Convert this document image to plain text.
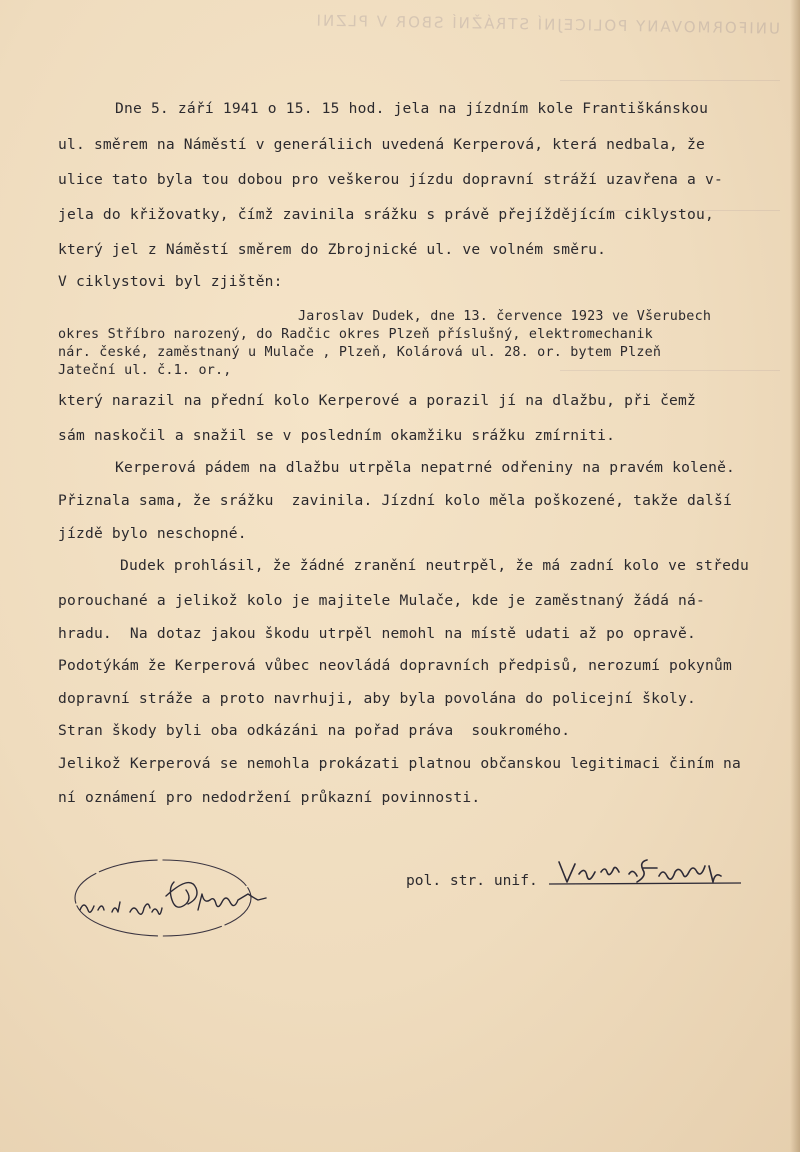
UNIFORMOVANY POLICEJNÍ STRÁŽNÍ SBOR V PLZNI
Dne 5. září 1941 o 15. 15 hod. jela na jízdním kole Františkánskou
ul. směrem na Náměstí v generáliich uvedená Kerperová, která nedbala, že
ulice tato byla tou dobou pro veškerou jízdu dopravní stráží uzavřena a v-
jela do křižovatky, čímž zavinila srážku s právě přejíždějícím ciklystou,
který jel z Náměstí směrem do Zbrojnické ul. ve volném směru.
V ciklystovi byl zjištěn:
Jaroslav Dudek, dne 13. července 1923 ve Všerubech
okres Stříbro narozený, do Radčic okres Plzeň příslušný, elektromechanik
nár. české, zaměstnaný u Mulače , Plzeň, Kolárová ul. 28. or. bytem Plzeň
Jateční ul. č.1. or.,
který narazil na přední kolo Kerperové a porazil jí na dlažbu, při čemž
sám naskočil a snažil se v posledním okamžiku srážku zmírniti.
Kerperová pádem na dlažbu utrpěla nepatrné odřeniny na pravém koleně.
Přiznala sama, že srážku  zavinila. Jízdní kolo měla poškozené, takže další
jízdě bylo neschopné.
Dudek prohlásil, že žádné zranění neutrpěl, že má zadní kolo ve středu
porouchané a jelikož kolo je majitele Mulače, kde je zaměstnaný žádá ná-
hradu.  Na dotaz jakou škodu utrpěl nemohl na místě udati až po opravě.
Podotýkám že Kerperová vůbec neovládá dopravních předpisů, nerozumí pokynům
dopravní stráže a proto navrhuji, aby byla povolána do policejní školy.
Stran škody byli oba odkázáni na pořad práva  soukromého.
Jelikož Kerperová se nemohla prokázati platnou občanskou legitimaci činím na
ní oznámení pro nedodržení průkazní povinnosti.
pol. str. unif.
